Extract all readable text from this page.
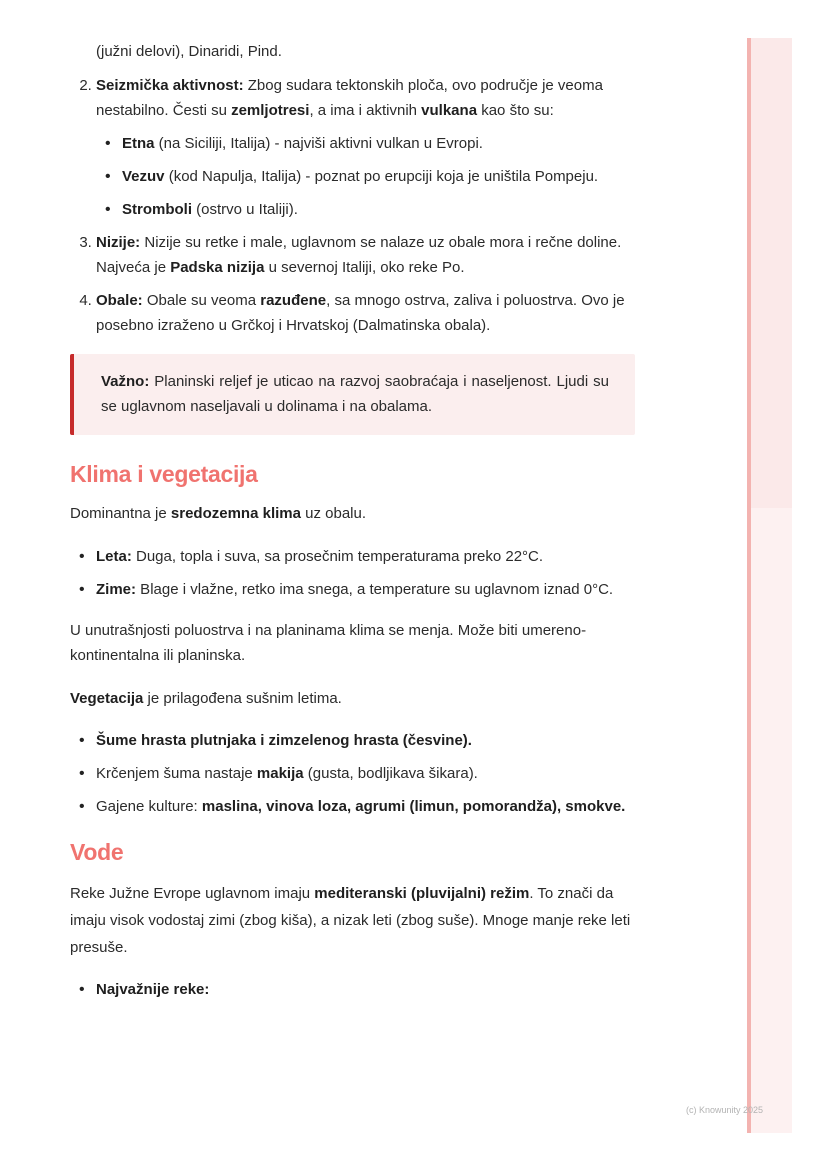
(južni delovi), Dinaridi, Pind.

2. Seizmička aktivnost: Zbog sudara tektonskih ploča, ovo područje je veoma nestabilno. Česti su zemljotresi, a ima i aktivnih vulkana kao što su:
• Etna (na Siciliji, Italija) - najviši aktivni vulkan u Evropi.
• Vezuv (kod Napulja, Italija) - poznat po erupciji koja je uništila Pompeju.
• Stromboli (ostrvo u Italiji).
3. Nizije: Nizije su retke i male, uglavnom se nalaze uz obale mora i rečne doline. Najveća je Padska nizija u severnoj Italiji, oko reke Po.
4. Obale: Obale su veoma razuđene, sa mnogo ostrva, zaliva i poluostrva. Ovo je posebno izraženo u Grčkoj i Hrvatskoj (Dalmatinska obala).
Važno: Planinski reljef je uticao na razvoj saobraćaja i naseljenost. Ljudi su se uglavnom naseljavali u dolinama i na obalama.
Klima i vegetacija

Dominantna je sredozemna klima uz obalu.

• Leta: Duga, topla i suva, sa prosečnim temperaturama preko 22°C.
• Zime: Blage i vlažne, retko ima snega, a temperature su uglavnom iznad 0°C.

U unutrašnjosti poluostrva i na planinama klima se menja. Može biti umereno-kontinentalna ili planinska.

Vegetacija je prilagođena sušnim letima.

• Šume hrasta plutnjaka i zimzelenog hrasta (česvine).
• Krčenjem šuma nastaje makija (gusta, bodljikava šikara).
• Gajene kulture: maslina, vinova loza, agrumi (limun, pomorandža), smokve.
Vode

Reke Južne Evrope uglavnom imaju mediteranski (pluvijalni) režim. To znači da imaju visok vodostaj zimi (zbog kiša), a nizak leti (zbog suše). Mnoge manje reke leti presuše.

• Najvažnije reke:
(c) Knowunity 2025
